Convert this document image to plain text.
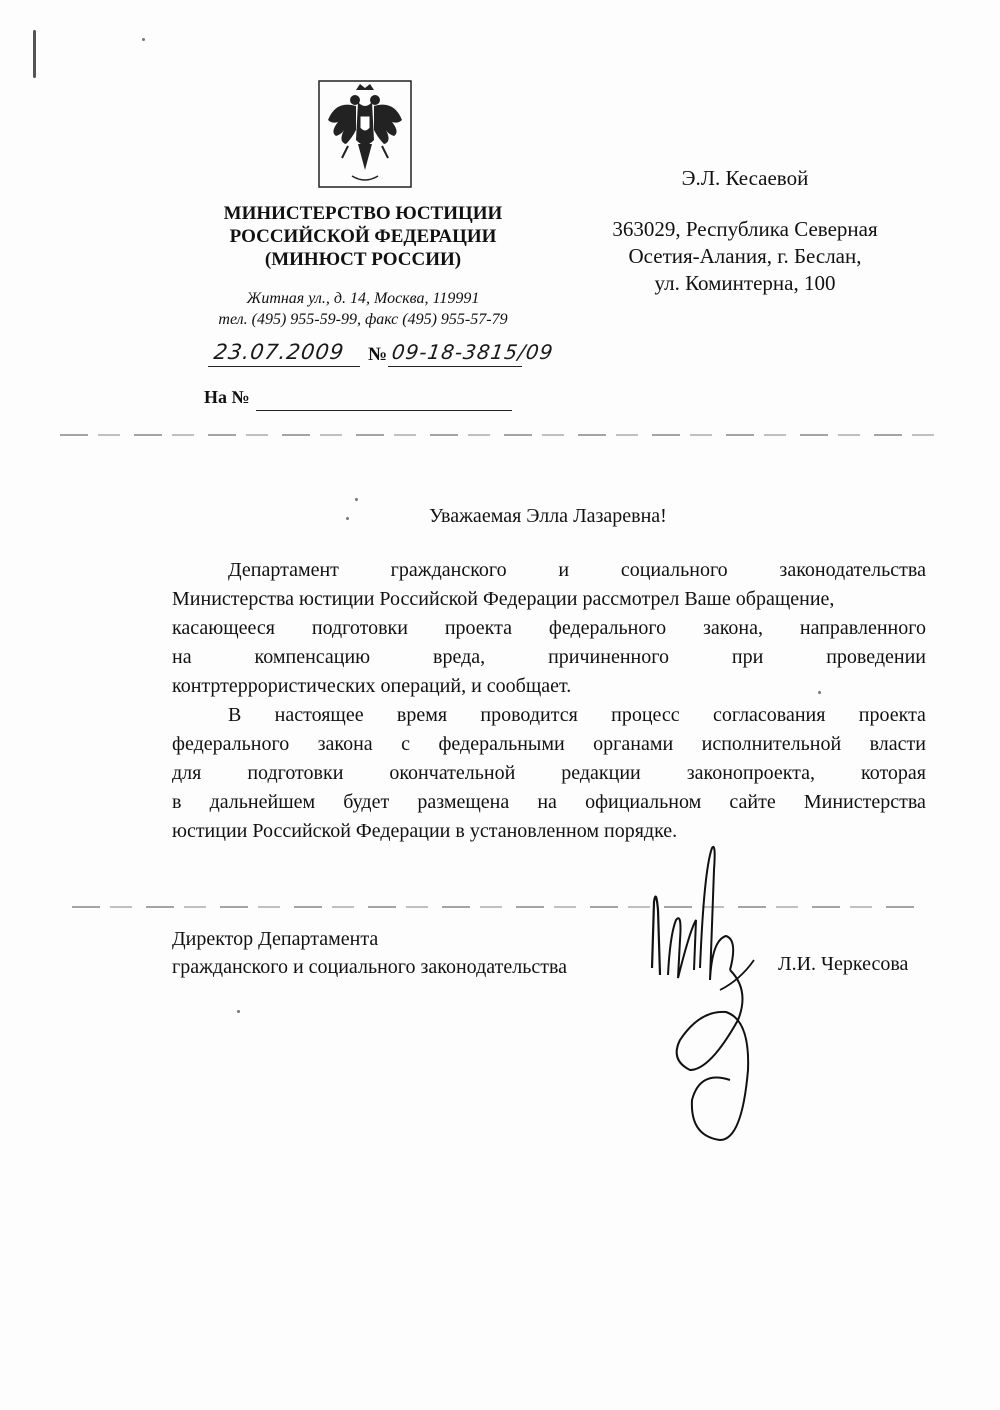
МИНИСТЕРСТВО ЮСТИЦИИ
РОССИЙСКОЙ ФЕДЕРАЦИИ
(МИНЮСТ РОССИИ)
Житная ул., д. 14, Москва, 119991
тел. (495) 955-59-99, факс (495) 955-57-79
23.07.2009 № 09-18-3815/09
На №
Э.Л. Кесаевой
363029, Республика Северная
Осетия-Алания, г. Беслан,
ул. Коминтерна, 100
Уважаемая Элла Лазаревна!
Департамент	гражданского	и	социального	законодательства
Министерства юстиции Российской Федерации рассмотрел Ваше обращение,
касающееся подготовки проекта федерального закона, направленного
на	компенсацию	вреда,	причиненного	при	проведении
контртеррористических операций, и сообщает.
В настоящее время проводится процесс согласования проекта
федерального закона с федеральными органами исполнительной власти
для подготовки окончательной редакции законопроекта, которая
в дальнейшем будет размещена на официальном сайте Министерства
юстиции Российской Федерации в установленном порядке.
Директор Департамента
гражданского и социального законодательства	Л.И. Черкесова
